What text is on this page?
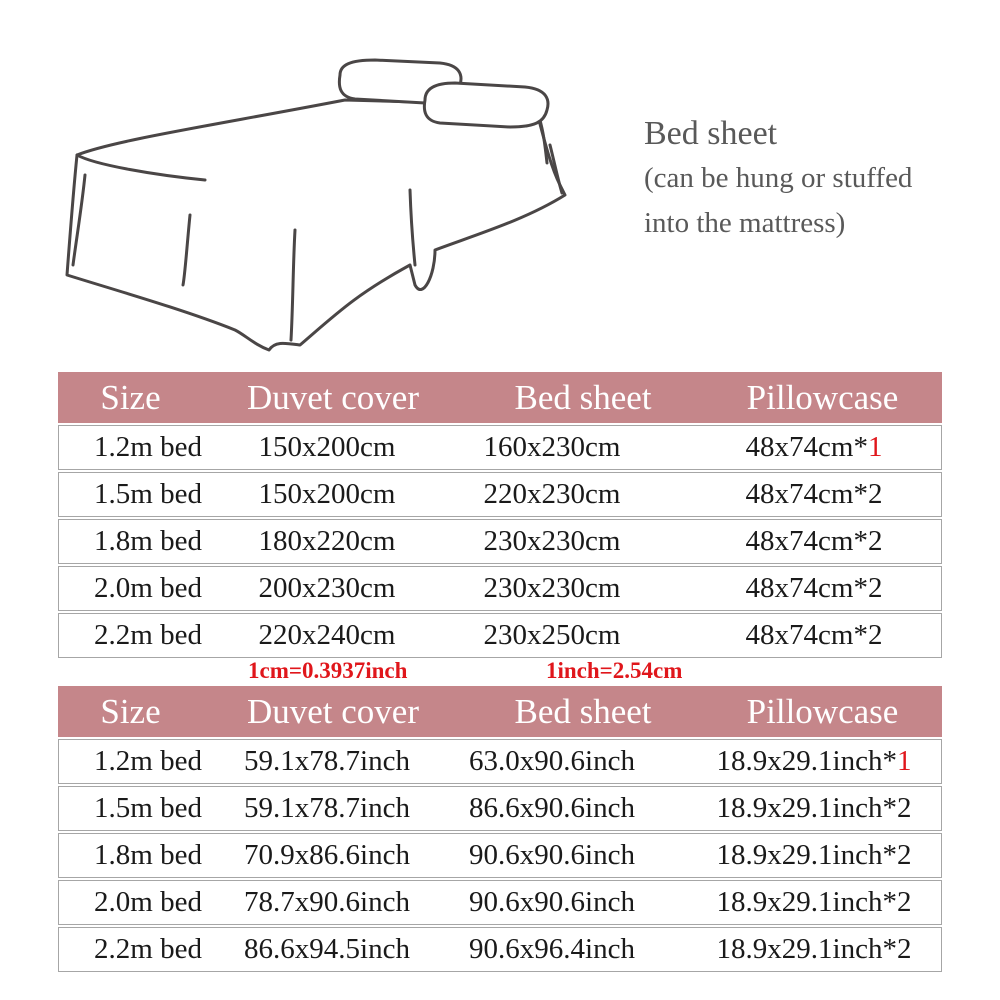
Bed sheet
(can be hung or stuffed
into the mattress)
Size	Duvet cover	Bed sheet	Pillowcase
1.2m bed	150x200cm	160x230cm	48x74cm*1
1.5m bed	150x200cm	220x230cm	48x74cm*2
1.8m bed	180x220cm	230x230cm	48x74cm*2
2.0m bed	200x230cm	230x230cm	48x74cm*2
2.2m bed	220x240cm	230x250cm	48x74cm*2
1cm=0.3937inch	1inch=2.54cm
Size	Duvet cover	Bed sheet	Pillowcase
1.2m bed	59.1x78.7inch	63.0x90.6inch	18.9x29.1inch*1
1.5m bed	59.1x78.7inch	86.6x90.6inch	18.9x29.1inch*2
1.8m bed	70.9x86.6inch	90.6x90.6inch	18.9x29.1inch*2
2.0m bed	78.7x90.6inch	90.6x90.6inch	18.9x29.1inch*2
2.2m bed	86.6x94.5inch	90.6x96.4inch	18.9x29.1inch*2
